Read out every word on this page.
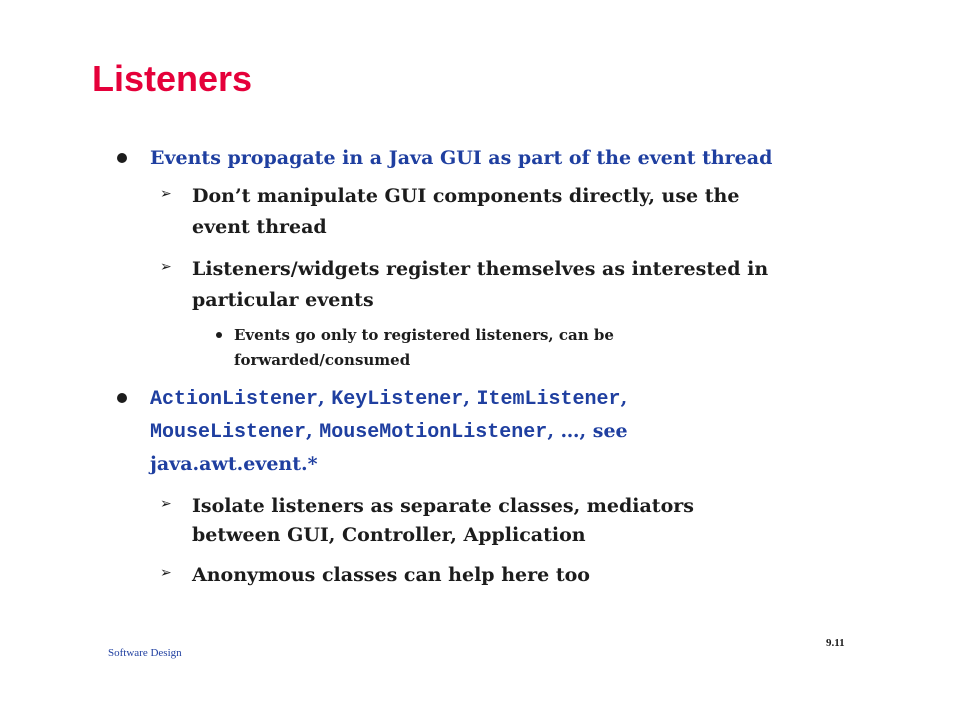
Listeners
Events propagate in a Java GUI as part of the event thread
➢ Don’t manipulate GUI components directly, use the
event thread
➢ Listeners/widgets register themselves as interested in
particular events
Events go only to registered listeners, can be
forwarded/consumed
ActionListener, KeyListener, ItemListener,
MouseListener, MouseMotionListener, …, see
java.awt.event.*
➢ Isolate listeners as separate classes, mediators
between GUI, Controller, Application
➢ Anonymous classes can help here too
Software Design
9.11
